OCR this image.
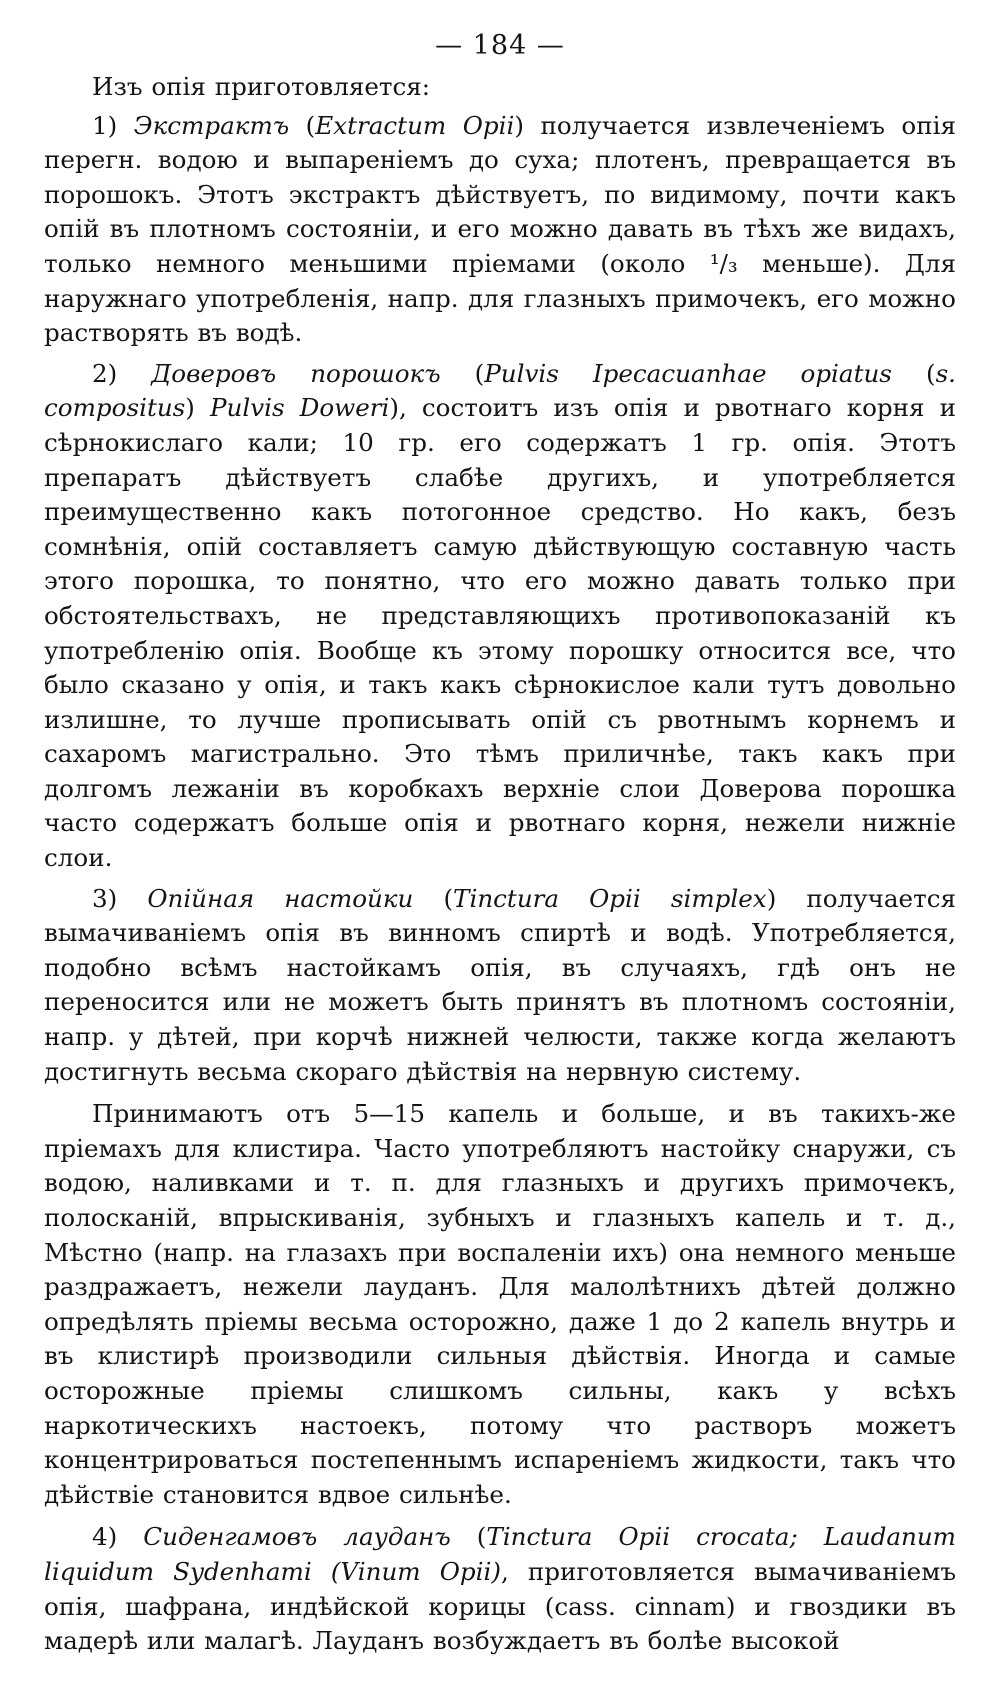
— 184 —

Изъ опія приготовляется:

1) Экстрактъ (Extractum Opii) получается извлеченіемъ опія перегн. водою и выпареніемъ до суха; плотенъ, превращается въ порошокъ. Этотъ экстрактъ дѣйствуетъ, по видимому, почти какъ опій въ плотномъ состояніи, и его можно давать въ тѣхъ же видахъ, только немного меньшими пріемами (около ¹/₃ меньше). Для наружнаго употребленія, напр. для глазныхъ примочекъ, его можно растворять въ водѣ.

2) Доверовъ порошокъ (Pulvis Ipecacuanhae opiatus (s. compositus) Pulvis Doweri), состоитъ изъ опія и рвотнаго корня и сѣрнокислаго кали; 10 гр. его содержатъ 1 гр. опія. Этотъ препаратъ дѣйствуетъ слабѣе другихъ, и употребляется преимущественно какъ потогонное средство. Но какъ, безъ сомнѣнія, опій составляетъ самую дѣйствующую составную часть этого порошка, то понятно, что его можно давать только при обстоятельствахъ, не представляющихъ противопоказаній къ употребленію опія. Вообще къ этому порошку относится все, что было сказано у опія, и такъ какъ сѣрнокислое кали тутъ довольно излишне, то лучше прописывать опій съ рвотнымъ корнемъ и сахаромъ магистрально. Это тѣмъ приличнѣе, такъ какъ при долгомъ лежаніи въ коробкахъ верхніе слои Доверова порошка часто содержатъ больше опія и рвотнаго корня, нежели нижніе слои.

3) Опійная настойки (Tinctura Opii simplex) получается вымачиваніемъ опія въ винномъ спиртѣ и водѣ. Употребляется, подобно всѣмъ настойкамъ опія, въ случаяхъ, гдѣ онъ не переносится или не можетъ быть принятъ въ плотномъ состояніи, напр. у дѣтей, при корчѣ нижней челюсти, также когда желаютъ достигнуть весьма скораго дѣйствія на нервную систему.

Принимаютъ отъ 5—15 капель и больше, и въ такихъ-же пріемахъ для клистира. Часто употребляютъ настойку снаружи, съ водою, наливками и т. п. для глазныхъ и другихъ примочекъ, полосканій, впрыскиванія, зубныхъ и глазныхъ капель и т. д., Мѣстно (напр. на глазахъ при воспаленіи ихъ) она немного меньше раздражаетъ, нежели лауданъ. Для малолѣтнихъ дѣтей должно опредѣлять пріемы весьма осторожно, даже 1 до 2 капель внутрь и въ клистирѣ производили сильныя дѣйствія. Иногда и самые осторожные пріемы слишкомъ сильны, какъ у всѣхъ наркотическихъ настоекъ, потому что растворъ можетъ концентрироваться постепеннымъ испареніемъ жидкости, такъ что дѣйствіе становится вдвое сильнѣе.

4) Сиденгамовъ лауданъ (Tinctura Opii crocata; Laudanum liquidum Sydenhami (Vinum Opii), приготовляется вымачиваніемъ опія, шафрана, индѣйской корицы (cass. cinnam) и гвоздики въ мадерѣ или малагѣ. Лауданъ возбуждаетъ въ болѣе высокой
